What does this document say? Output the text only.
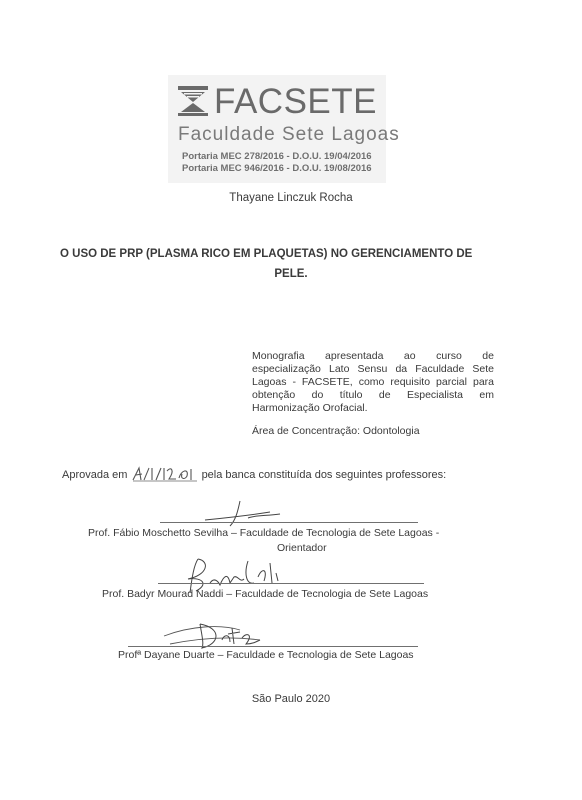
FACSETE
Faculdade Sete Lagoas
Portaria MEC 278/2016 - D.O.U. 19/04/2016
Portaria MEC 946/2016 - D.O.U. 19/08/2016
Thayane Linczuk Rocha
O USO DE PRP (PLASMA RICO EM PLAQUETAS) NO GERENCIAMENTO DE
PELE.
Monografia apresentada ao curso de especialização Lato Sensu da Faculdade Sete Lagoas - FACSETE, como requisito parcial para obtenção do título de Especialista em Harmonização Orofacial.
Área de Concentração: Odontologia
Aprovada em	pela banca constituída dos seguintes professores:
Prof. Fábio Moschetto Sevilha – Faculdade de Tecnologia de Sete Lagoas -
Orientador
Prof. Badyr Mourad Naddi – Faculdade de Tecnologia de Sete Lagoas
Profª Dayane Duarte – Faculdade e Tecnologia de Sete Lagoas
São Paulo 2020
